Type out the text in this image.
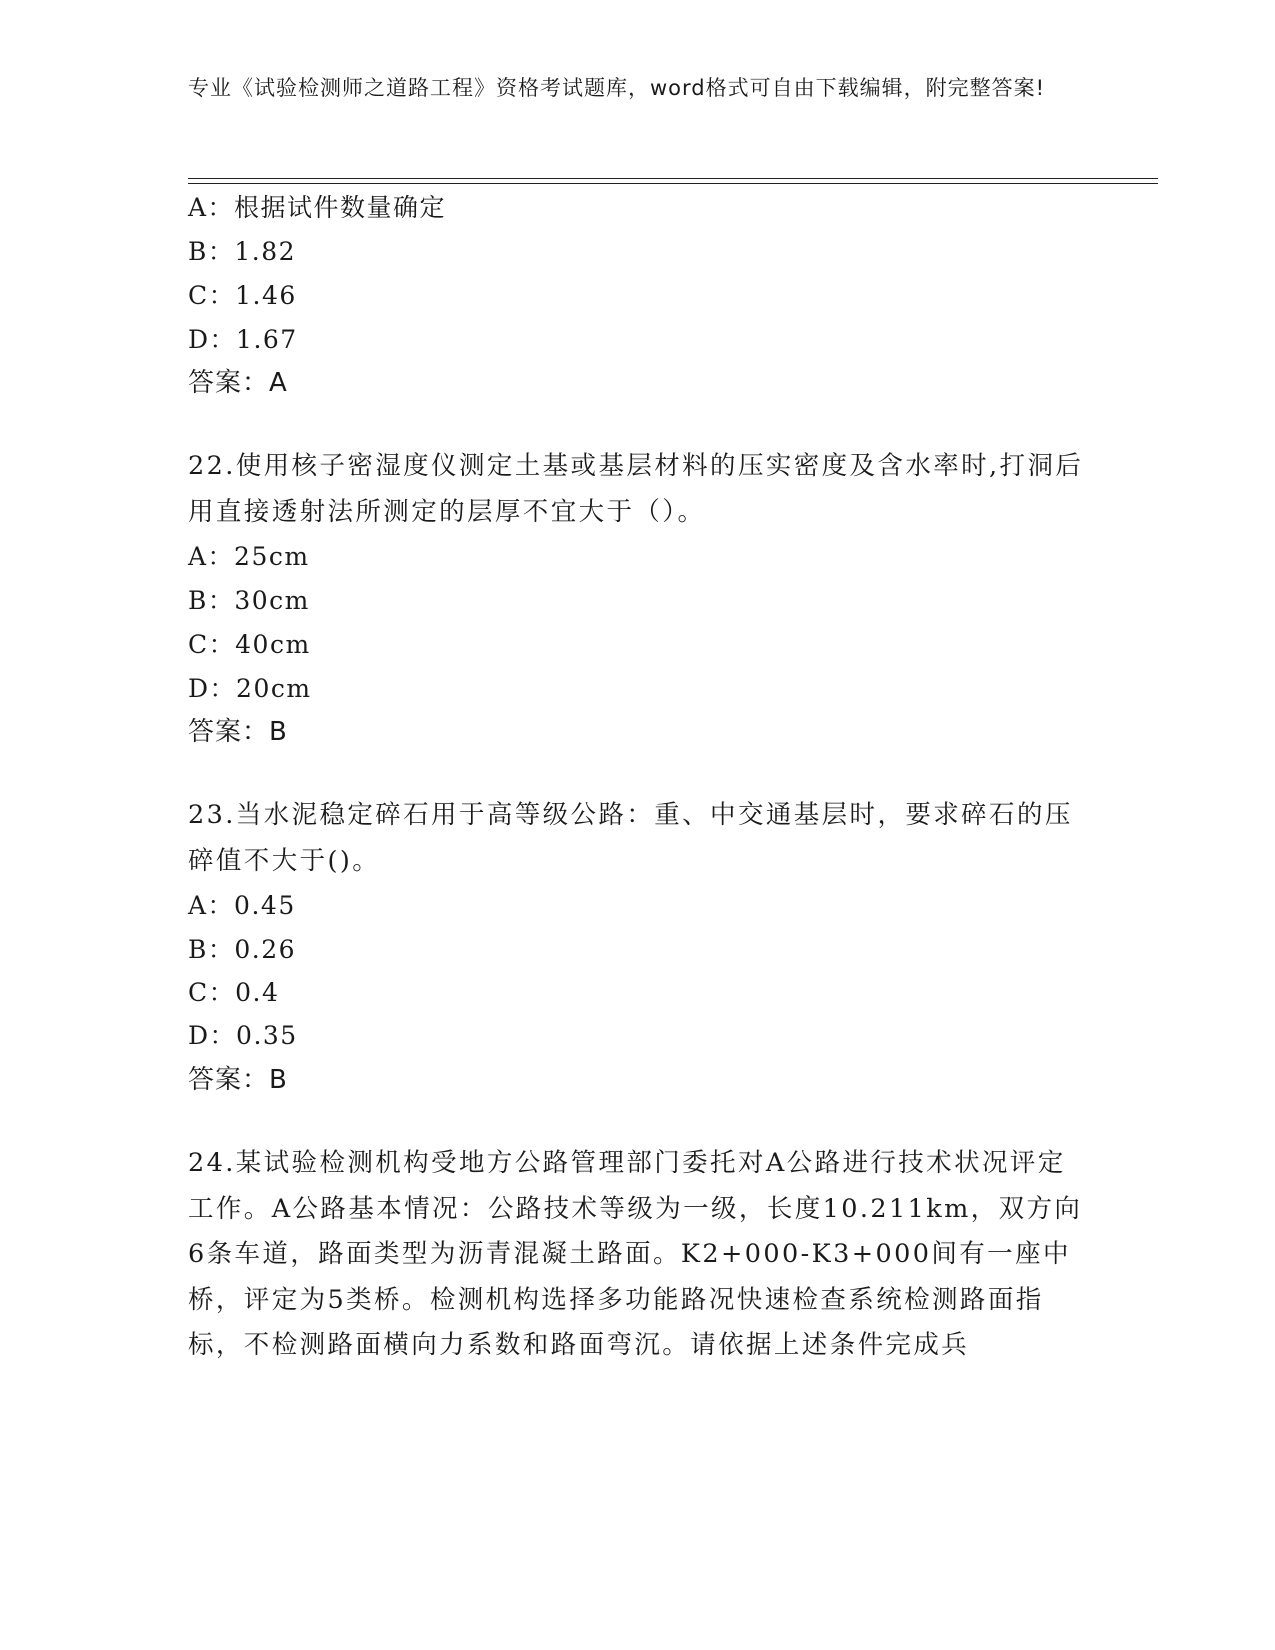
专业《试验检测师之道路工程》资格考试题库，word格式可自由下载编辑，附完整答案!
A：根据试件数量确定
B：1.82
C：1.46
D：1.67
答案：A
22.使用核子密湿度仪测定土基或基层材料的压实密度及含水率时,打洞后用直接透射法所测定的层厚不宜大于（）。
A：25cm
B：30cm
C：40cm
D：20cm
答案：B
23.当水泥稳定碎石用于高等级公路：重、中交通基层时，要求碎石的压碎值不大于()。
A：0.45
B：0.26
C：0.4
D：0.35
答案：B
24.某试验检测机构受地方公路管理部门委托对A公路进行技术状况评定工作。A公路基本情况：公路技术等级为一级，长度10.211km，双方向6条车道，路面类型为沥青混凝土路面。K2+000-K3+000间有一座中桥，评定为5类桥。检测机构选择多功能路况快速检查系统检测路面指标，不检测路面横向力系数和路面弯沉。请依据上述条件完成兵
